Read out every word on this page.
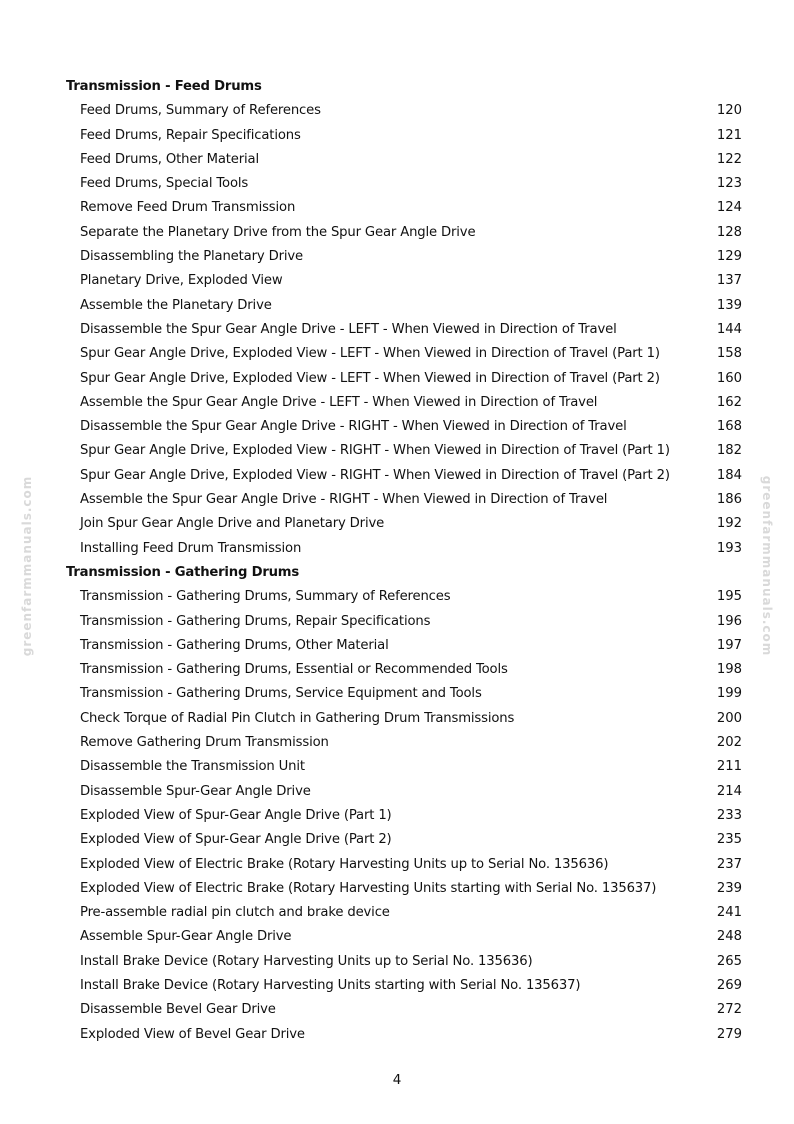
greenfarmmanuals.com	greenfarmmanuals.com
Transmission - Feed Drums
Feed Drums, Summary of References	120
Feed Drums, Repair Specifications	121
Feed Drums, Other Material	122
Feed Drums, Special Tools	123
Remove Feed Drum Transmission	124
Separate the Planetary Drive from the Spur Gear Angle Drive	128
Disassembling the Planetary Drive	129
Planetary Drive, Exploded View	137
Assemble the Planetary Drive	139
Disassemble the Spur Gear Angle Drive - LEFT - When Viewed in Direction of Travel	144
Spur Gear Angle Drive, Exploded View - LEFT - When Viewed in Direction of Travel (Part 1)	158
Spur Gear Angle Drive, Exploded View - LEFT - When Viewed in Direction of Travel (Part 2)	160
Assemble the Spur Gear Angle Drive - LEFT - When Viewed in Direction of Travel	162
Disassemble the Spur Gear Angle Drive - RIGHT - When Viewed in Direction of Travel	168
Spur Gear Angle Drive, Exploded View - RIGHT - When Viewed in Direction of Travel (Part 1)	182
Spur Gear Angle Drive, Exploded View - RIGHT - When Viewed in Direction of Travel (Part 2)	184
Assemble the Spur Gear Angle Drive - RIGHT - When Viewed in Direction of Travel	186
Join Spur Gear Angle Drive and Planetary Drive	192
Installing Feed Drum Transmission	193
Transmission - Gathering Drums
Transmission - Gathering Drums, Summary of References	195
Transmission - Gathering Drums, Repair Specifications	196
Transmission - Gathering Drums, Other Material	197
Transmission - Gathering Drums, Essential or Recommended Tools	198
Transmission - Gathering Drums, Service Equipment and Tools	199
Check Torque of Radial Pin Clutch in Gathering Drum Transmissions	200
Remove Gathering Drum Transmission	202
Disassemble the Transmission Unit	211
Disassemble Spur-Gear Angle Drive	214
Exploded View of Spur-Gear Angle Drive (Part 1)	233
Exploded View of Spur-Gear Angle Drive (Part 2)	235
Exploded View of Electric Brake (Rotary Harvesting Units up to Serial No. 135636)	237
Exploded View of Electric Brake (Rotary Harvesting Units starting with Serial No. 135637)	239
Pre-assemble radial pin clutch and brake device	241
Assemble Spur-Gear Angle Drive	248
Install Brake Device (Rotary Harvesting Units up to Serial No. 135636)	265
Install Brake Device (Rotary Harvesting Units starting with Serial No. 135637)	269
Disassemble Bevel Gear Drive	272
Exploded View of Bevel Gear Drive	279
4
